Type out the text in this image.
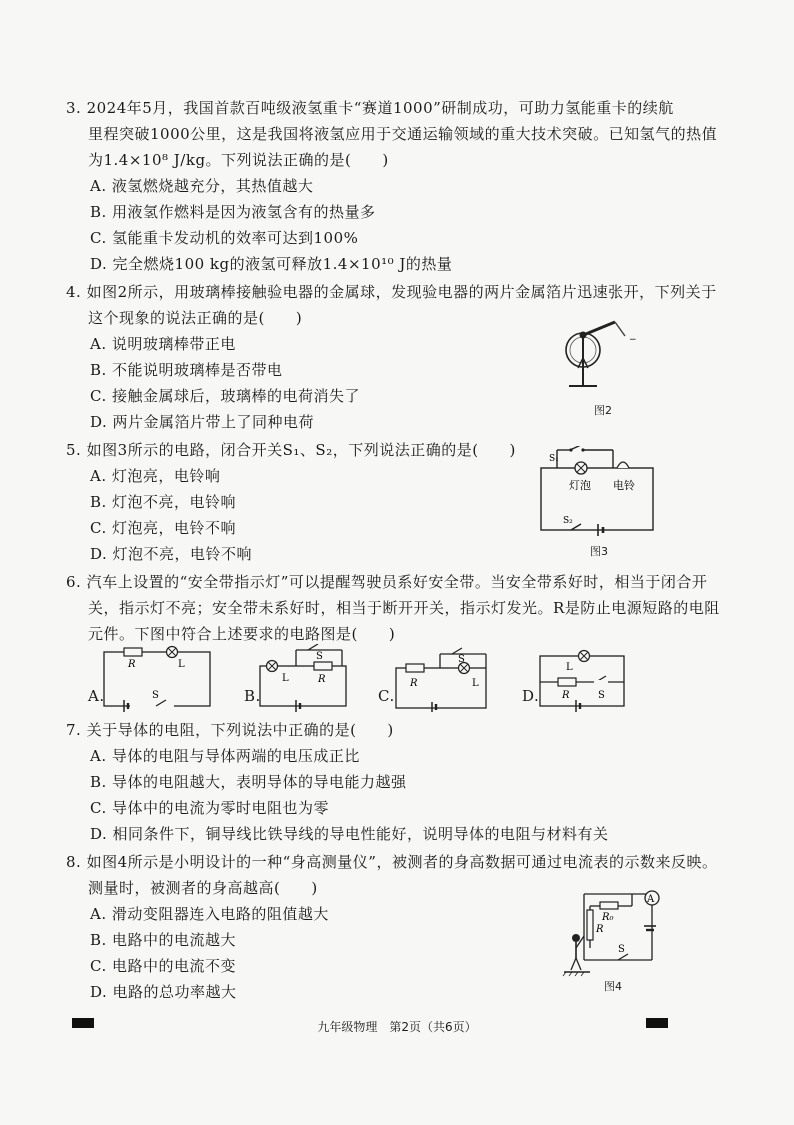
3. 2024年5月，我国首款百吨级液氢重卡“赛道1000”研制成功，可助力氢能重卡的续航
里程突破1000公里，这是我国将液氢应用于交通运输领域的重大技术突破。已知氢气的热值
为1.4×10⁸ J/kg。下列说法正确的是(　　)
A. 液氢燃烧越充分，其热值越大
B. 用液氢作燃料是因为液氢含有的热量多
C. 氢能重卡发动机的效率可达到100%
D. 完全燃烧100 kg的液氢可释放1.4×10¹⁰ J的热量
4. 如图2所示，用玻璃棒接触验电器的金属球，发现验电器的两片金属箔片迅速张开，下列关于
这个现象的说法正确的是(　　)
A. 说明玻璃棒带正电
B. 不能说明玻璃棒是否带电
C. 接触金属球后，玻璃棒的电荷消失了
D. 两片金属箔片带上了同种电荷
−
图2
5. 如图3所示的电路，闭合开关S₁、S₂，下列说法正确的是(　　)
A. 灯泡亮，电铃响
B. 灯泡不亮，电铃响
C. 灯泡亮，电铃不响
D. 灯泡不亮，电铃不响
S₁
S₂
灯泡 电铃
图3
6. 汽车上设置的“安全带指示灯”可以提醒驾驶员系好安全带。当安全带系好时，相当于闭合开
关，指示灯不亮；安全带未系好时，相当于断开开关，指示灯发光。R是防止电源短路的电阻
元件。下图中符合上述要求的电路图是(　　)
A.
R	L
S	B.
S
L	R
C.
S
R	L
D.
L
R	S
7. 关于导体的电阻，下列说法中正确的是(　　)
A. 导体的电阻与导体两端的电压成正比
B. 导体的电阻越大，表明导体的导电能力越强
C. 导体中的电流为零时电阻也为零
D. 相同条件下，铜导线比铁导线的导电性能好，说明导体的电阻与材料有关
8. 如图4所示是小明设计的一种“身高测量仪”，被测者的身高数据可通过电流表的示数来反映。
测量时，被测者的身高越高(　　)
A. 滑动变阻器连入电路的阻值越大
B. 电路中的电流越大
C. 电路中的电流不变
D. 电路的总功率越大
A
R₀
R
S
图4
九年级物理　第2页（共6页）
